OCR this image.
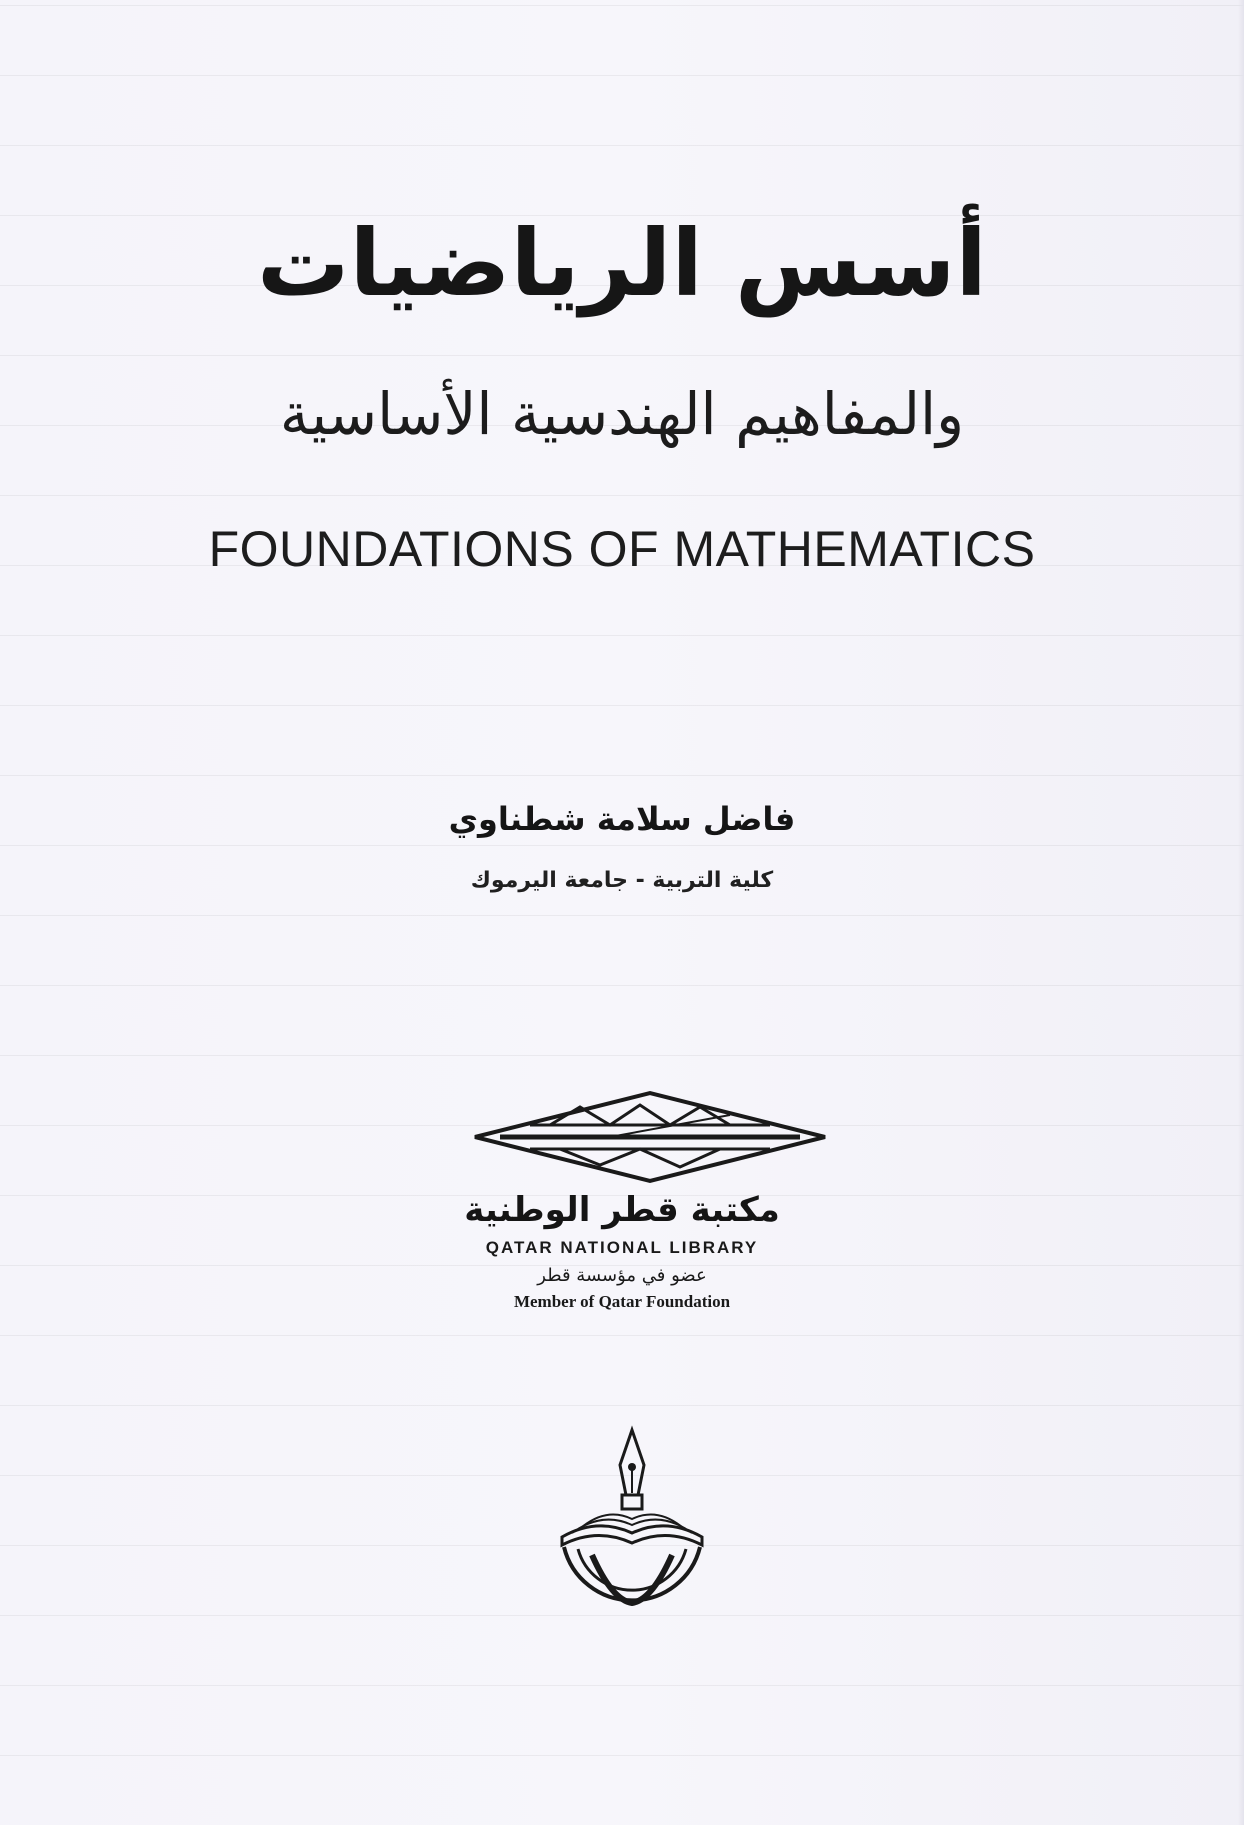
أسس الرياضيات
والمفاهيم الهندسية الأساسية
FOUNDATIONS OF MATHEMATICS
فاضل سلامة شطناوي
كلية التربية - جامعة اليرموك
مكتبة قطر الوطنية
QATAR NATIONAL LIBRARY
عضو في مؤسسة قطر
Member of Qatar Foundation
